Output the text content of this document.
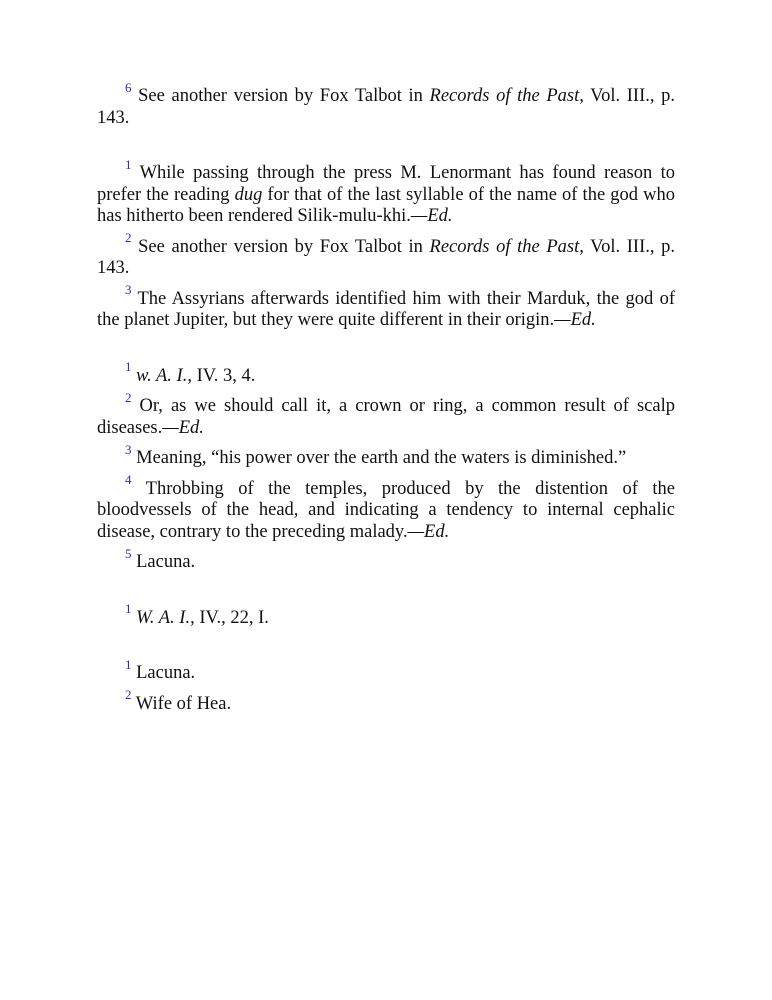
$^6$ See another version by Fox Talbot in Records of the Past, Vol. III., p. 143.

$^1$ While passing through the press M. Lenormant has found reason to prefer the reading dug for that of the last syllable of the name of the god who has hitherto been rendered Silik-mulu-khi.—Ed.

$^2$ See another version by Fox Talbot in Records of the Past, Vol. III., p. 143.

$^3$ The Assyrians afterwards identified him with their Marduk, the god of the planet Jupiter, but they were quite different in their origin.—Ed.

$^1$ w. A. I., IV. 3, 4.

$^2$ Or, as we should call it, a crown or ring, a common result of scalp diseases.—Ed.

$^3$ Meaning, “his power over the earth and the waters is diminished.”

$^4$ Throbbing of the temples, produced by the distention of the bloodvessels of the head, and indicating a tendency to internal cephalic disease, contrary to the preceding malady.—Ed.

$^5$ Lacuna.

$^1$ W. A. I., IV., 22, I.

$^1$ Lacuna.

$^2$ Wife of Hea.
